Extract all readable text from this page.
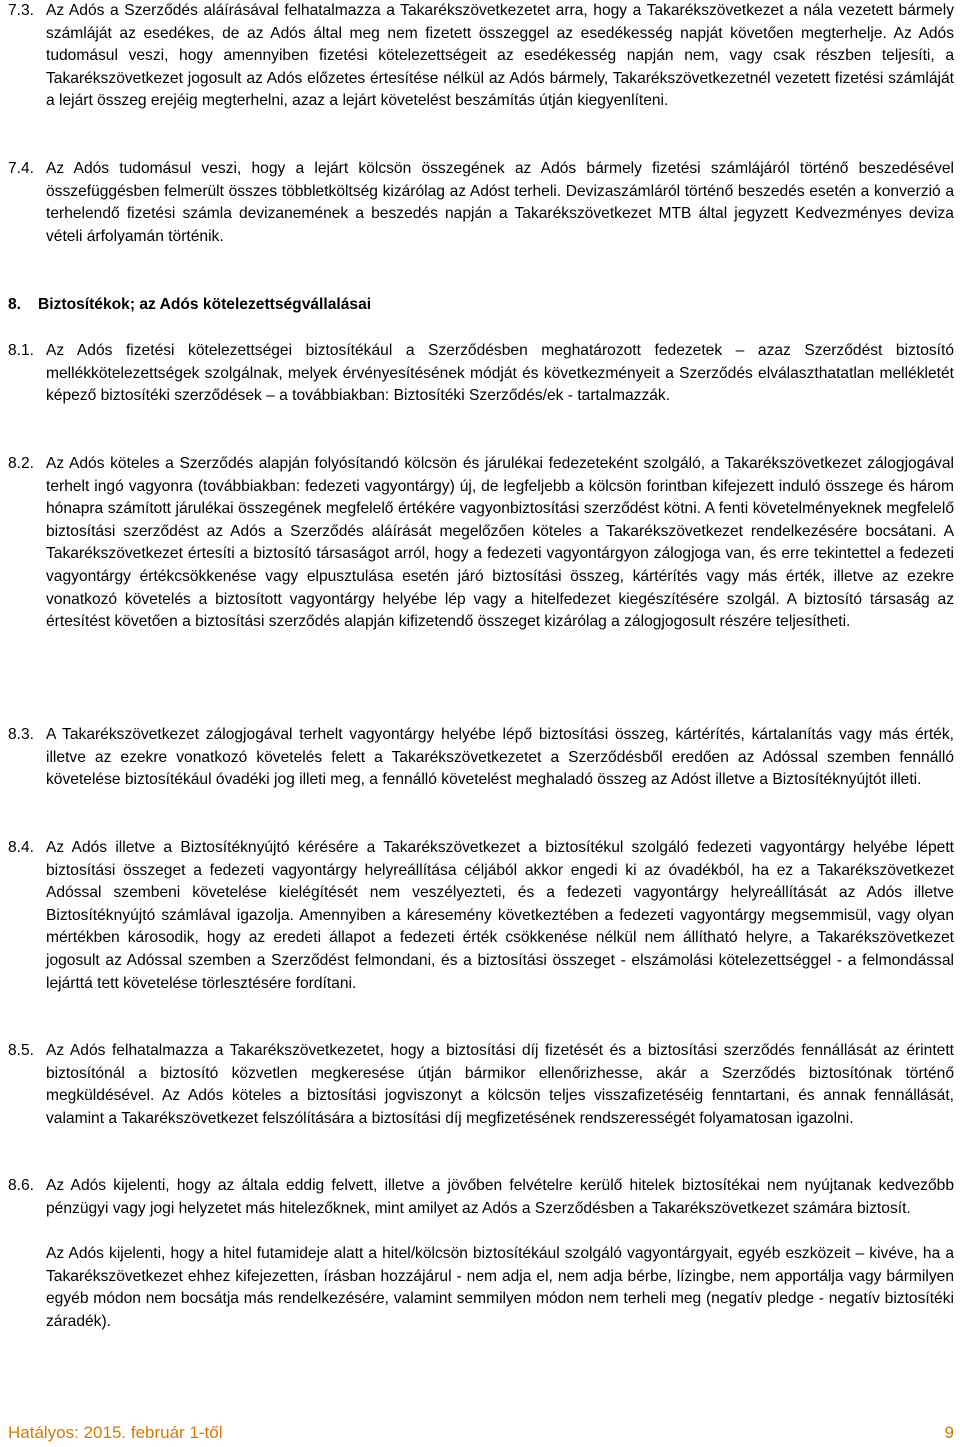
7.3. Az Adós a Szerződés aláírásával felhatalmazza a Takarékszövetkezetet arra, hogy a Takarékszövetkezet a nála vezetett bármely számláját az esedékes, de az Adós által meg nem fizetett összeggel az esedékesség napját követően megterhelje. Az Adós tudomásul veszi, hogy amennyiben fizetési kötelezettségeit az esedékesség napján nem, vagy csak részben teljesíti, a Takarékszövetkezet jogosult az Adós előzetes értesítése nélkül az Adós bármely, Takarékszövetkezetnél vezetett fizetési számláját a lejárt összeg erejéig megterhelni, azaz a lejárt követelést beszámítás útján kiegyenlíteni.
7.4. Az Adós tudomásul veszi, hogy a lejárt kölcsön összegének az Adós bármely fizetési számlájáról történő beszedésével összefüggésben felmerült összes többletköltség kizárólag az Adóst terheli. Devizaszámláról történő beszedés esetén a konverzió a terhelendő fizetési számla devizanemének a beszedés napján a Takarékszövetkezet MTB által jegyzett Kedvezményes deviza vételi árfolyamán történik.
8. Biztosítékok; az Adós kötelezettségvállalásai
8.1. Az Adós fizetési kötelezettségei biztosítékául a Szerződésben meghatározott fedezetek – azaz Szerződést biztosító mellékkötelezettségek szolgálnak, melyek érvényesítésének módját és következményeit a Szerződés elválaszthatatlan mellékletét képező biztosítéki szerződések – a továbbiakban: Biztosítéki Szerződés/ek - tartalmazzák.
8.2. Az Adós köteles a Szerződés alapján folyósítandó kölcsön és járulékai fedezeteként szolgáló, a Takarékszövetkezet zálogjogával terhelt ingó vagyonra (továbbiakban: fedezeti vagyontárgy) új, de legfeljebb a kölcsön forintban kifejezett induló összege és három hónapra számított járulékai összegének megfelelő értékére vagyonbiztosítási szerződést kötni. A fenti követelményeknek megfelelő biztosítási szerződést az Adós a Szerződés aláírását megelőzően köteles a Takarékszövetkezet rendelkezésére bocsátani. A Takarékszövetkezet értesíti a biztosító társaságot arról, hogy a fedezeti vagyontárgyon zálogjoga van, és erre tekintettel a fedezeti vagyontárgy értékcsökkenése vagy elpusztulása esetén járó biztosítási összeg, kártérítés vagy más érték, illetve az ezekre vonatkozó követelés a biztosított vagyontárgy helyébe lép vagy a hitelfedezet kiegészítésére szolgál. A biztosító társaság az értesítést követően a biztosítási szerződés alapján kifizetendő összeget kizárólag a zálogjogosult részére teljesítheti.
8.3. A Takarékszövetkezet zálogjogával terhelt vagyontárgy helyébe lépő biztosítási összeg, kártérítés, kártalanítás vagy más érték, illetve az ezekre vonatkozó követelés felett a Takarékszövetkezetet a Szerződésből eredően az Adóssal szemben fennálló követelése biztosítékául óvadéki jog illeti meg, a fennálló követelést meghaladó összeg az Adóst illetve a Biztosítéknyújtót illeti.
8.4. Az Adós illetve a Biztosítéknyújtó kérésére a Takarékszövetkezet a biztosítékul szolgáló fedezeti vagyontárgy helyébe lépett biztosítási összeget a fedezeti vagyontárgy helyreállítása céljából akkor engedi ki az óvadékból, ha ez a Takarékszövetkezet Adóssal szembeni követelése kielégítését nem veszélyezteti, és a fedezeti vagyontárgy helyreállítását az Adós illetve Biztosítéknyújtó számlával igazolja. Amennyiben a káresemény következtében a fedezeti vagyontárgy megsemmisül, vagy olyan mértékben károsodik, hogy az eredeti állapot a fedezeti érték csökkenése nélkül nem állítható helyre, a Takarékszövetkezet jogosult az Adóssal szemben a Szerződést felmondani, és a biztosítási összeget - elszámolási kötelezettséggel - a felmondással lejárttá tett követelése törlesztésére fordítani.
8.5. Az Adós felhatalmazza a Takarékszövetkezetet, hogy a biztosítási díj fizetését és a biztosítási szerződés fennállását az érintett biztosítónál a biztosító közvetlen megkeresése útján bármikor ellenőrizhesse, akár a Szerződés biztosítónak történő megküldésével. Az Adós köteles a biztosítási jogviszonyt a kölcsön teljes visszafizetéséig fenntartani, és annak fennállását, valamint a Takarékszövetkezet felszólítására a biztosítási díj megfizetésének rendszerességét folyamatosan igazolni.
8.6. Az Adós kijelenti, hogy az általa eddig felvett, illetve a jövőben felvételre kerülő hitelek biztosítékai nem nyújtanak kedvezőbb pénzügyi vagy jogi helyzetet más hitelezőknek, mint amilyet az Adós a Szerződésben a Takarékszövetkezet számára biztosít.
Az Adós kijelenti, hogy a hitel futamideje alatt a hitel/kölcsön biztosítékául szolgáló vagyontárgyait, egyéb eszközeit – kivéve, ha a Takarékszövetkezet ehhez kifejezetten, írásban hozzájárul - nem adja el, nem adja bérbe, lízingbe, nem apportálja vagy bármilyen egyéb módon nem bocsátja más rendelkezésére, valamint semmilyen módon nem terheli meg (negatív pledge - negatív biztosítéki záradék).
Hatályos: 2015. február 1-től	9
